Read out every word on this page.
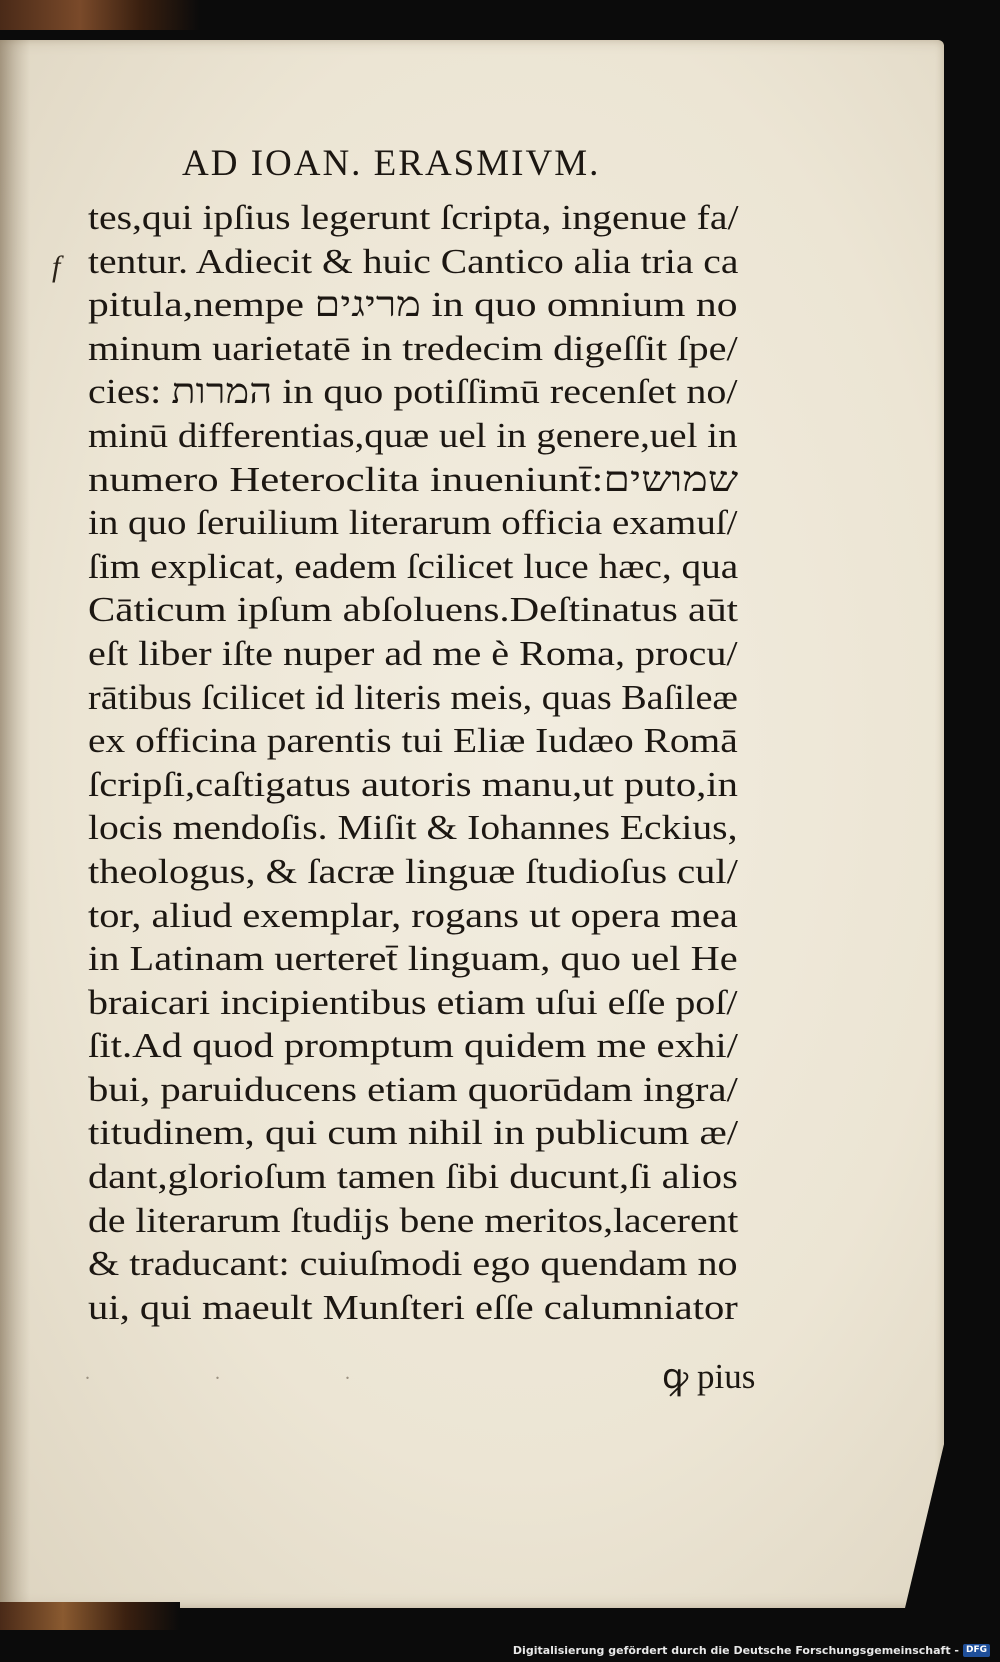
AD IOAN. ERASMIVM.
f
tes,qui ipſius legerunt ſcripta, ingenue fa/
tentur. Adiecit & huic Cantico alia tria ca
pitula,nempe מריגים in quo omnium no
minum uarietatē in tredecim digeſſit ſpe/
cies: המרות in quo potiſſimū recenſet no/
minū differentias,quæ uel in genere,uel in
numero Heteroclita inueniunt̄:שמושים
in quo ſeruilium literarum officia examuſ/
ſim explicat, eadem ſcilicet luce hæc, qua
Cāticum ipſum abſoluens.Deſtinatus aūt
eſt liber iſte nuper ad me è Roma, procu/
rātibus ſcilicet id literis meis, quas Baſileæ
ex officina parentis tui Eliæ Iudæo Romā
ſcripſi,caſtigatus autoris manu,ut puto,in
locis mendoſis. Miſit & Iohannes Eckius,
theologus, & ſacræ linguæ ſtudioſus cul/
tor, aliud exemplar, rogans ut opera mea
in Latinam uerteret̄ linguam, quo uel He
braicari incipientibus etiam uſui eſſe poſ/
ſit.Ad quod promptum quidem me exhi/
bui, paruiducens etiam quorūdam ingra/
titudinem, qui cum nihil in publicum æ/
dant,glorioſum tamen ſibi ducunt,ſi alios
de literarum ſtudijs bene meritos,lacerent
& traducant: cuiuſmodi ego quendam no
ui, qui maeult Munſteri eſſe calumniator
. . .	ꝙ pius
Digitalisierung gefördert durch die Deutsche Forschungsgemeinschaft - DFG
